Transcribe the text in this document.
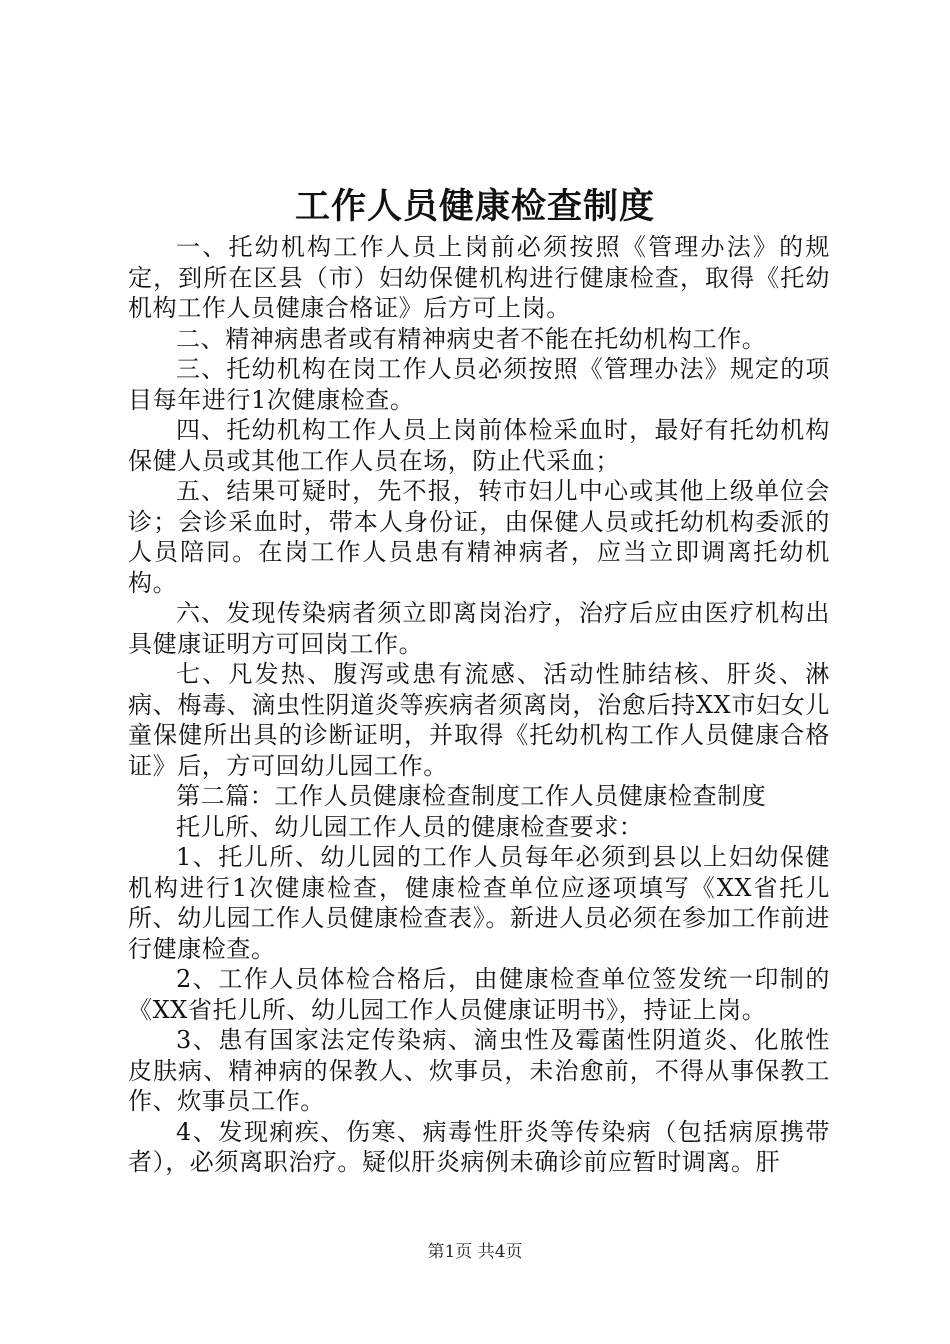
工作人员健康检查制度

一、托幼机构工作人员上岗前必须按照《管理办法》的规定，到所在区县（市）妇幼保健机构进行健康检查，取得《托幼机构工作人员健康合格证》后方可上岗。

二、精神病患者或有精神病史者不能在托幼机构工作。

三、托幼机构在岗工作人员必须按照《管理办法》规定的项目每年进行1次健康检查。

四、托幼机构工作人员上岗前体检采血时，最好有托幼机构保健人员或其他工作人员在场，防止代采血；

五、结果可疑时，先不报，转市妇儿中心或其他上级单位会诊；会诊采血时，带本人身份证，由保健人员或托幼机构委派的人员陪同。在岗工作人员患有精神病者，应当立即调离托幼机构。

六、发现传染病者须立即离岗治疗，治疗后应由医疗机构出具健康证明方可回岗工作。

七、凡发热、腹泻或患有流感、活动性肺结核、肝炎、淋病、梅毒、滴虫性阴道炎等疾病者须离岗，治愈后持XX市妇女儿童保健所出具的诊断证明，并取得《托幼机构工作人员健康合格证》后，方可回幼儿园工作。

第二篇：工作人员健康检查制度工作人员健康检查制度

托儿所、幼儿园工作人员的健康检查要求：

1、托儿所、幼儿园的工作人员每年必须到县以上妇幼保健机构进行1次健康检查，健康检查单位应逐项填写《XX省托儿所、幼儿园工作人员健康检查表》。新进人员必须在参加工作前进行健康检查。

2、工作人员体检合格后，由健康检查单位签发统一印制的《XX省托儿所、幼儿园工作人员健康证明书》，持证上岗。

3、患有国家法定传染病、滴虫性及霉菌性阴道炎、化脓性皮肤病、精神病的保教人、炊事员，未治愈前，不得从事保教工作、炊事员工作。

4、发现痢疾、伤寒、病毒性肝炎等传染病（包括病原携带者），必须离职治疗。疑似肝炎病例未确诊前应暂时调离。肝

第1页 共4页
